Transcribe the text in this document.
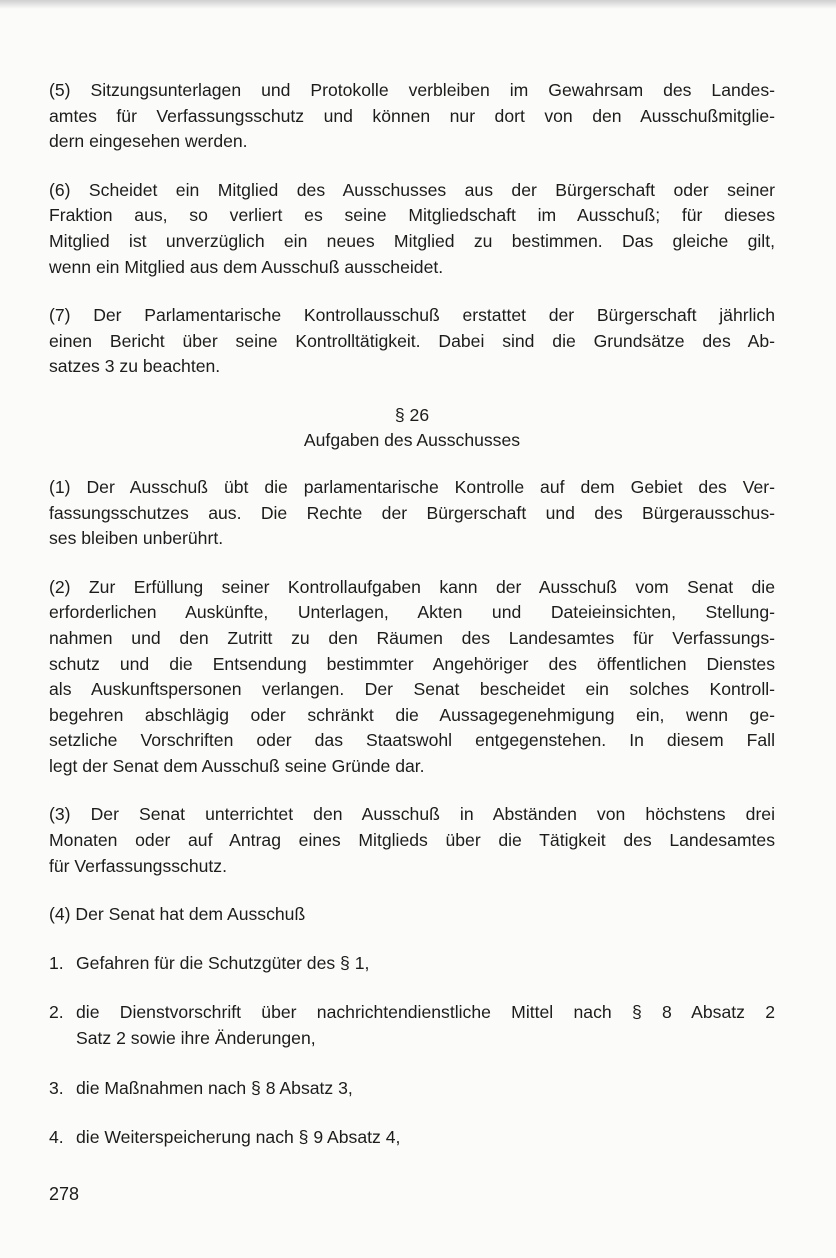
(5) Sitzungsunterlagen und Protokolle verbleiben im Gewahrsam des Landes-
amtes für Verfassungsschutz und können nur dort von den Ausschußmitglie-
dern eingesehen werden.
(6) Scheidet ein Mitglied des Ausschusses aus der Bürgerschaft oder seiner
Fraktion aus, so verliert es seine Mitgliedschaft im Ausschuß; für dieses
Mitglied ist unverzüglich ein neues Mitglied zu bestimmen. Das gleiche gilt,
wenn ein Mitglied aus dem Ausschuß ausscheidet.
(7) Der Parlamentarische Kontrollausschuß erstattet der Bürgerschaft jährlich
einen Bericht über seine Kontrolltätigkeit. Dabei sind die Grundsätze des Ab-
satzes 3 zu beachten.
§ 26
Aufgaben des Ausschusses
(1) Der Ausschuß übt die parlamentarische Kontrolle auf dem Gebiet des Ver-
fassungsschutzes aus. Die Rechte der Bürgerschaft und des Bürgerausschus-
ses bleiben unberührt.
(2) Zur Erfüllung seiner Kontrollaufgaben kann der Ausschuß vom Senat die
erforderlichen Auskünfte, Unterlagen, Akten und Dateieinsichten, Stellung-
nahmen und den Zutritt zu den Räumen des Landesamtes für Verfassungs-
schutz und die Entsendung bestimmter Angehöriger des öffentlichen Dienstes
als Auskunftspersonen verlangen. Der Senat bescheidet ein solches Kontroll-
begehren abschlägig oder schränkt die Aussagegenehmigung ein, wenn ge-
setzliche Vorschriften oder das Staatswohl entgegenstehen. In diesem Fall
legt der Senat dem Ausschuß seine Gründe dar.
(3) Der Senat unterrichtet den Ausschuß in Abständen von höchstens drei
Monaten oder auf Antrag eines Mitglieds über die Tätigkeit des Landesamtes
für Verfassungsschutz.
(4) Der Senat hat dem Ausschuß
1. Gefahren für die Schutzgüter des § 1,
2. die Dienstvorschrift über nachrichtendienstliche Mittel nach § 8 Absatz 2
Satz 2 sowie ihre Änderungen,
3. die Maßnahmen nach § 8 Absatz 3,
4. die Weiterspeicherung nach § 9 Absatz 4,
278
